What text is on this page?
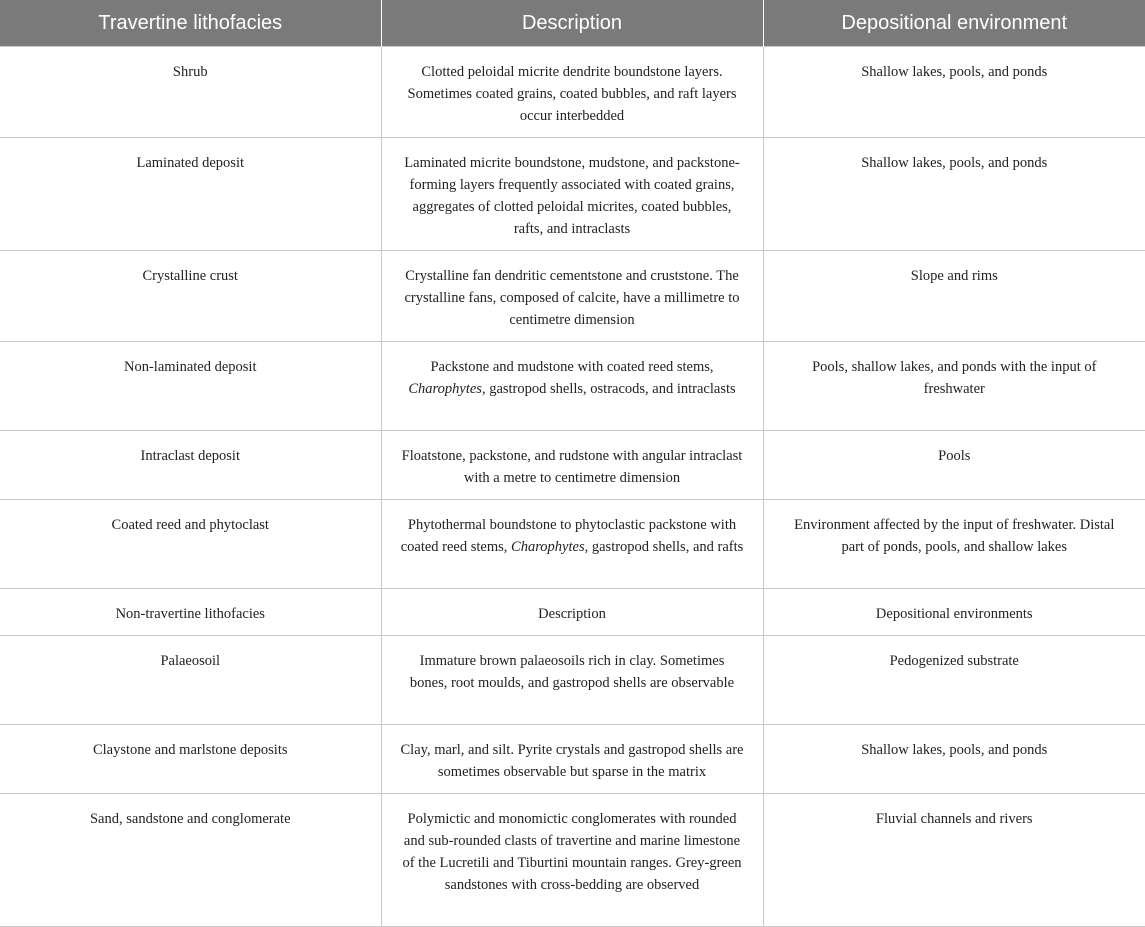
Travertine lithofacies	Description	Depositional environment
Shrub	Clotted peloidal micrite dendrite boundstone layers. Sometimes coated grains, coated bubbles, and raft layers occur interbedded	Shallow lakes, pools, and ponds
Laminated deposit	Laminated micrite boundstone, mudstone, and packstone-forming layers frequently associated with coated grains, aggregates of clotted peloidal micrites, coated bubbles, rafts, and intraclasts	Shallow lakes, pools, and ponds
Crystalline crust	Crystalline fan dendritic cementstone and cruststone. The crystalline fans, composed of calcite, have a millimetre to centimetre dimension	Slope and rims
Non-laminated deposit	Packstone and mudstone with coated reed stems, Charophytes, gastropod shells, ostracods, and intraclasts	Pools, shallow lakes, and ponds with the input of freshwater
Intraclast deposit	Floatstone, packstone, and rudstone with angular intraclast with a metre to centimetre dimension	Pools
Coated reed and phytoclast	Phytothermal boundstone to phytoclastic packstone with coated reed stems, Charophytes, gastropod shells, and rafts	Environment affected by the input of freshwater. Distal part of ponds, pools, and shallow lakes
Non-travertine lithofacies	Description	Depositional environments
Palaeosoil	Immature brown palaeosoils rich in clay. Sometimes bones, root moulds, and gastropod shells are observable	Pedogenized substrate
Claystone and marlstone deposits	Clay, marl, and silt. Pyrite crystals and gastropod shells are sometimes observable but sparse in the matrix	Shallow lakes, pools, and ponds
Sand, sandstone and conglomerate	Polymictic and monomictic conglomerates with rounded and sub-rounded clasts of travertine and marine limestone of the Lucretili and Tiburtini mountain ranges. Grey-green sandstones with cross-bedding are observed	Fluvial channels and rivers
